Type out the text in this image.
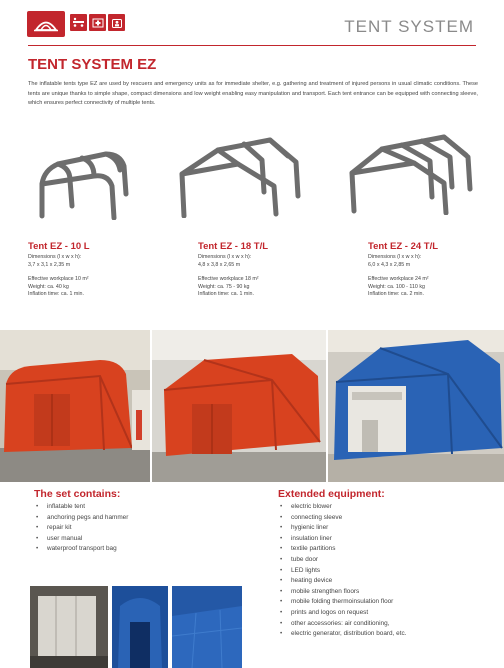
TENT SYSTEM
TENT SYSTEM EZ

The inflatable tents type EZ are used by rescuers and emergency units as for immediate shelter, e.g. gathering and treatment of injured persons in usual climatic conditions. These tents are unique thanks to simple shape, compact dimensions and low weight enabling easy manipulation and transport. Each tent entrance can be equipped with connecting sleeve, which ensures perfect connectivity of multiple tents.

Tent EZ - 10 L
Dimensions (l x w x h):
3,7 x 3,1 x 2,35 m
Effective workplace 10 m²
Weight: ca. 40 kg
Inflation time: ca. 1 min.
Tent EZ - 18 T/L
Dimensions (l x w x h):
4,8 x 3,8 x 2,65 m
Effective workplace 18 m²
Weight: ca. 75 - 90 kg
Inflation time: ca. 1 min.
Tent EZ - 24 T/L
Dimensions (l x w x h):
6,0 x 4,3 x 2,85 m
Effective workplace 24 m²
Weight: ca. 100 - 110 kg
Inflation time: ca. 2 min.
The set contains:
• inflatable tent
• anchoring pegs and hammer
• repair kit
• user manual
• waterproof transport bag
Extended equipment:
• electric blower
• connecting sleeve
• hygienic liner
• insulation liner
• textile partitions
• tube door
• LED lights
• heating device
• mobile strengthen floors
• mobile folding thermoinsulation floor
• prints and logos on request
• other accessories: air conditioning,
• electric generator, distribution board, etc.
